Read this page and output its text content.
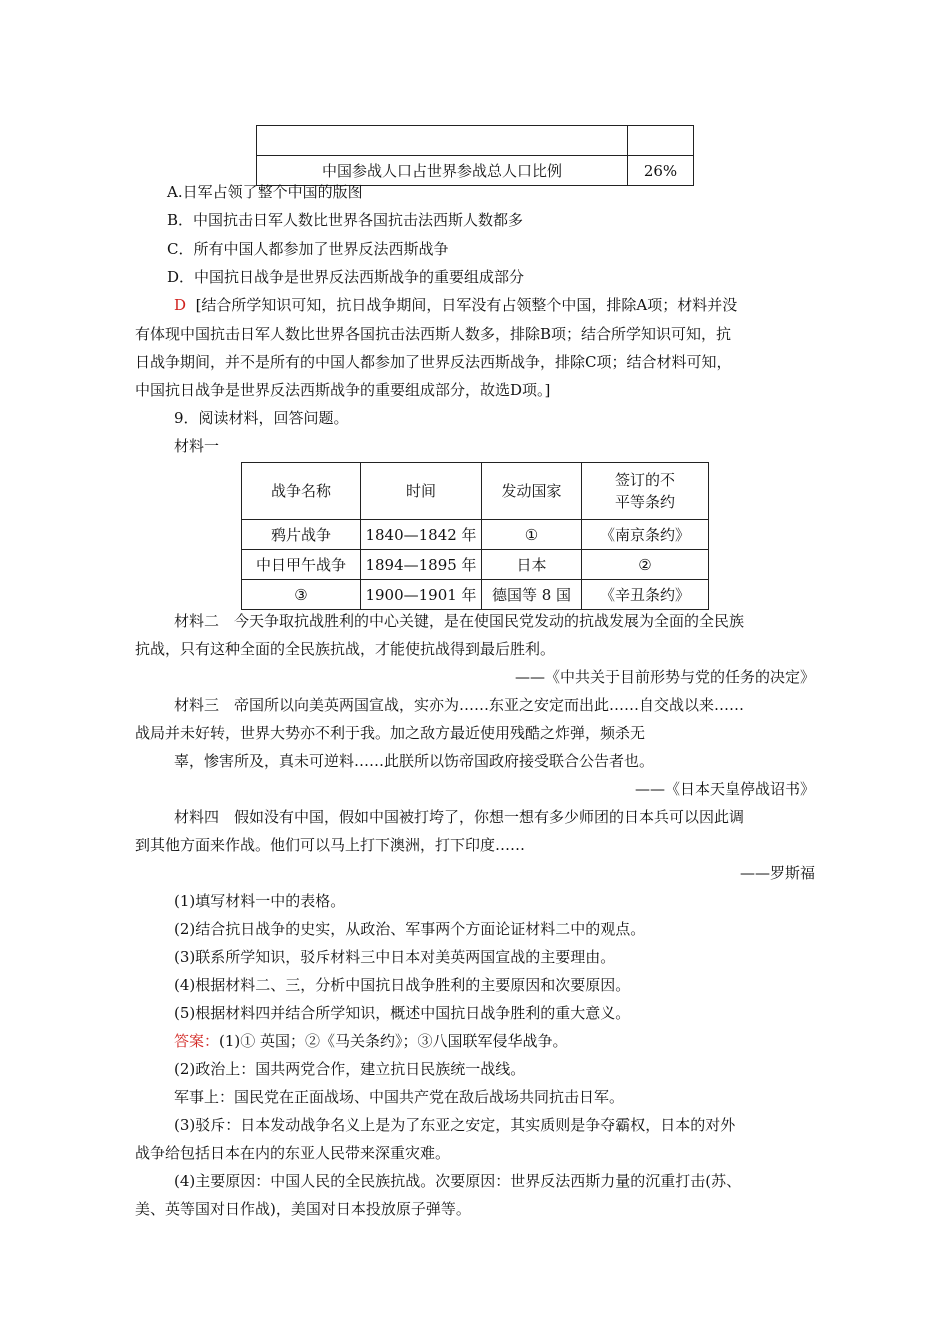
中国参战人口占世界参战总人口比例	26%
A.日军占领了整个中国的版图
B．中国抗击日军人数比世界各国抗击法西斯人数都多
C．所有中国人都参加了世界反法西斯战争
D．中国抗日战争是世界反法西斯战争的重要组成部分
D [结合所学知识可知，抗日战争期间，日军没有占领整个中国，排除A项；材料并没
有体现中国抗击日军人数比世界各国抗击法西斯人数多，排除B项；结合所学知识可知，抗
日战争期间，并不是所有的中国人都参加了世界反法西斯战争，排除C项；结合材料可知，
中国抗日战争是世界反法西斯战争的重要组成部分，故选D项。]
9．阅读材料，回答问题。
材料一
战争名称	时间	发动国家	签订的不
平等条约

鸦片战争	1840—1842 年	①	《南京条约》
中日甲午战争	1894—1895 年	日本	②
③	1900—1901 年	德国等 8 国	《辛丑条约》
材料二　今天争取抗战胜利的中心关键，是在使国民党发动的抗战发展为全面的全民族
抗战，只有这种全面的全民族抗战，才能使抗战得到最后胜利。
——《中共关于目前形势与党的任务的决定》
材料三　帝国所以向美英两国宣战，实亦为……东亚之安定而出此……自交战以来……
战局并未好转，世界大势亦不利于我。加之敌方最近使用残酷之炸弹，频杀无
辜，惨害所及，真未可逆料……此朕所以饬帝国政府接受联合公告者也。
——《日本天皇停战诏书》
材料四　假如没有中国，假如中国被打垮了，你想一想有多少师团的日本兵可以因此调
到其他方面来作战。他们可以马上打下澳洲，打下印度……
——罗斯福
(1)填写材料一中的表格。
(2)结合抗日战争的史实，从政治、军事两个方面论证材料二中的观点。
(3)联系所学知识，驳斥材料三中日本对美英两国宣战的主要理由。
(4)根据材料二、三，分析中国抗日战争胜利的主要原因和次要原因。
(5)根据材料四并结合所学知识，概述中国抗日战争胜利的重大意义。
答案：(1)① 英国；②《马关条约》；③八国联军侵华战争。
(2)政治上：国共两党合作，建立抗日民族统一战线。
军事上：国民党在正面战场、中国共产党在敌后战场共同抗击日军。
(3)驳斥：日本发动战争名义上是为了东亚之安定，其实质则是争夺霸权，日本的对外
战争给包括日本在内的东亚人民带来深重灾难。
(4)主要原因：中国人民的全民族抗战。次要原因：世界反法西斯力量的沉重打击(苏、
美、英等国对日作战)，美国对日本投放原子弹等。
